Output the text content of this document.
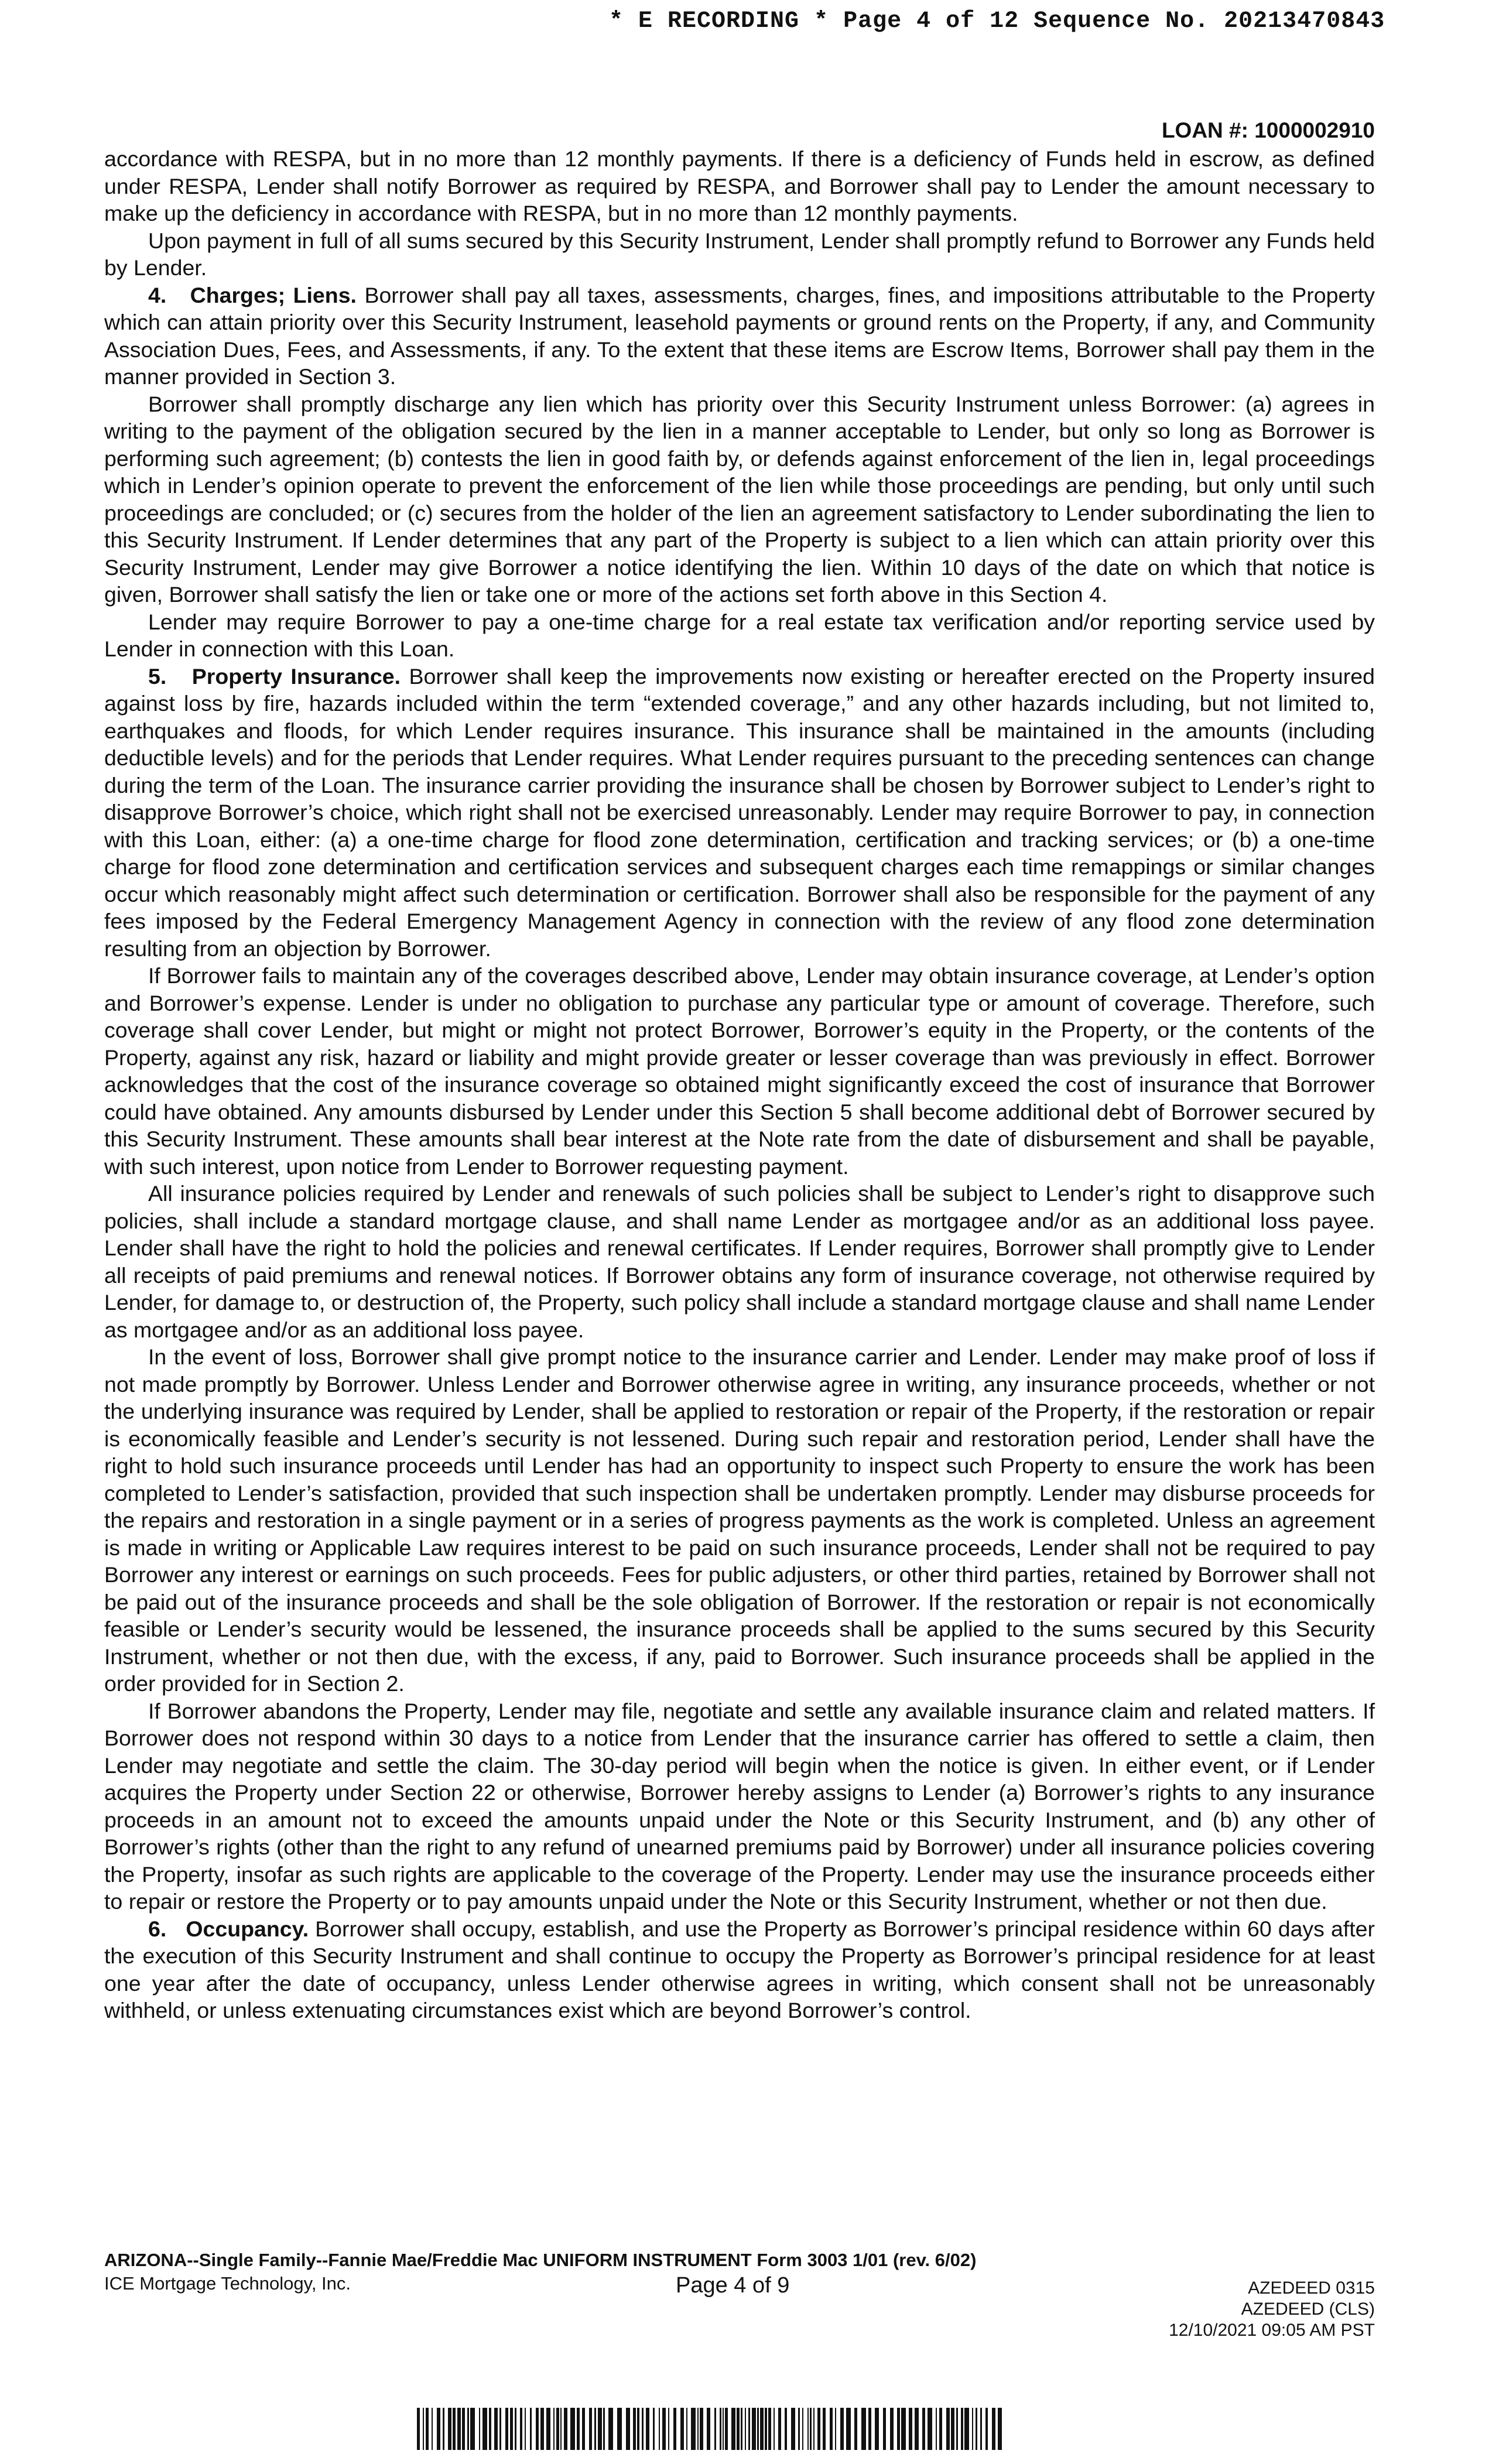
* E RECORDING * Page 4 of 12 Sequence No. 20213470843
LOAN #: 1000002910

accordance with RESPA, but in no more than 12 monthly payments. If there is a deficiency of Funds held in escrow, as defined under RESPA, Lender shall notify Borrower as required by RESPA, and Borrower shall pay to Lender the amount necessary to make up the deficiency in accordance with RESPA, but in no more than 12 monthly payments.

Upon payment in full of all sums secured by this Security Instrument, Lender shall promptly refund to Borrower any Funds held by Lender.

4. Charges; Liens. Borrower shall pay all taxes, assessments, charges, fines, and impositions attributable to the Property which can attain priority over this Security Instrument, leasehold payments or ground rents on the Property, if any, and Community Association Dues, Fees, and Assessments, if any. To the extent that these items are Escrow Items, Borrower shall pay them in the manner provided in Section 3.

Borrower shall promptly discharge any lien which has priority over this Security Instrument unless Borrower: (a) agrees in writing to the payment of the obligation secured by the lien in a manner acceptable to Lender, but only so long as Borrower is performing such agreement; (b) contests the lien in good faith by, or defends against enforcement of the lien in, legal proceedings which in Lender’s opinion operate to prevent the enforcement of the lien while those proceedings are pending, but only until such proceedings are concluded; or (c) secures from the holder of the lien an agreement satisfactory to Lender subordinating the lien to this Security Instrument. If Lender determines that any part of the Property is subject to a lien which can attain priority over this Security Instrument, Lender may give Borrower a notice identifying the lien. Within 10 days of the date on which that notice is given, Borrower shall satisfy the lien or take one or more of the actions set forth above in this Section 4.

Lender may require Borrower to pay a one-time charge for a real estate tax verification and/or reporting service used by Lender in connection with this Loan.

5. Property Insurance. Borrower shall keep the improvements now existing or hereafter erected on the Property insured against loss by fire, hazards included within the term “extended coverage,” and any other hazards including, but not limited to, earthquakes and floods, for which Lender requires insurance. This insurance shall be maintained in the amounts (including deductible levels) and for the periods that Lender requires. What Lender requires pursuant to the preceding sentences can change during the term of the Loan. The insurance carrier providing the insurance shall be chosen by Borrower subject to Lender’s right to disapprove Borrower’s choice, which right shall not be exercised unreasonably. Lender may require Borrower to pay, in connection with this Loan, either: (a) a one-time charge for flood zone determination, certification and tracking services; or (b) a one-time charge for flood zone determination and certification services and subsequent charges each time remappings or similar changes occur which reasonably might affect such determination or certification. Borrower shall also be responsible for the payment of any fees imposed by the Federal Emergency Management Agency in connection with the review of any flood zone determination resulting from an objection by Borrower.

If Borrower fails to maintain any of the coverages described above, Lender may obtain insurance coverage, at Lender’s option and Borrower’s expense. Lender is under no obligation to purchase any particular type or amount of coverage. Therefore, such coverage shall cover Lender, but might or might not protect Borrower, Borrower’s equity in the Property, or the contents of the Property, against any risk, hazard or liability and might provide greater or lesser coverage than was previously in effect. Borrower acknowledges that the cost of the insurance coverage so obtained might significantly exceed the cost of insurance that Borrower could have obtained. Any amounts disbursed by Lender under this Section 5 shall become additional debt of Borrower secured by this Security Instrument. These amounts shall bear interest at the Note rate from the date of disbursement and shall be payable, with such interest, upon notice from Lender to Borrower requesting payment.

All insurance policies required by Lender and renewals of such policies shall be subject to Lender’s right to disapprove such policies, shall include a standard mortgage clause, and shall name Lender as mortgagee and/or as an additional loss payee. Lender shall have the right to hold the policies and renewal certificates. If Lender requires, Borrower shall promptly give to Lender all receipts of paid premiums and renewal notices. If Borrower obtains any form of insurance coverage, not otherwise required by Lender, for damage to, or destruction of, the Property, such policy shall include a standard mortgage clause and shall name Lender as mortgagee and/or as an additional loss payee.

In the event of loss, Borrower shall give prompt notice to the insurance carrier and Lender. Lender may make proof of loss if not made promptly by Borrower. Unless Lender and Borrower otherwise agree in writing, any insurance proceeds, whether or not the underlying insurance was required by Lender, shall be applied to restoration or repair of the Property, if the restoration or repair is economically feasible and Lender’s security is not lessened. During such repair and restoration period, Lender shall have the right to hold such insurance proceeds until Lender has had an opportunity to inspect such Property to ensure the work has been completed to Lender’s satisfaction, provided that such inspection shall be undertaken promptly. Lender may disburse proceeds for the repairs and restoration in a single payment or in a series of progress payments as the work is completed. Unless an agreement is made in writing or Applicable Law requires interest to be paid on such insurance proceeds, Lender shall not be required to pay Borrower any interest or earnings on such proceeds. Fees for public adjusters, or other third parties, retained by Borrower shall not be paid out of the insurance proceeds and shall be the sole obligation of Borrower. If the restoration or repair is not economically feasible or Lender’s security would be lessened, the insurance proceeds shall be applied to the sums secured by this Security Instrument, whether or not then due, with the excess, if any, paid to Borrower. Such insurance proceeds shall be applied in the order provided for in Section 2.

If Borrower abandons the Property, Lender may file, negotiate and settle any available insurance claim and related matters. If Borrower does not respond within 30 days to a notice from Lender that the insurance carrier has offered to settle a claim, then Lender may negotiate and settle the claim. The 30-day period will begin when the notice is given. In either event, or if Lender acquires the Property under Section 22 or otherwise, Borrower hereby assigns to Lender (a) Borrower’s rights to any insurance proceeds in an amount not to exceed the amounts unpaid under the Note or this Security Instrument, and (b) any other of Borrower’s rights (other than the right to any refund of unearned premiums paid by Borrower) under all insurance policies covering the Property, insofar as such rights are applicable to the coverage of the Property. Lender may use the insurance proceeds either to repair or restore the Property or to pay amounts unpaid under the Note or this Security Instrument, whether or not then due.

6. Occupancy. Borrower shall occupy, establish, and use the Property as Borrower’s principal residence within 60 days after the execution of this Security Instrument and shall continue to occupy the Property as Borrower’s principal residence for at least one year after the date of occupancy, unless Lender otherwise agrees in writing, which consent shall not be unreasonably withheld, or unless extenuating circumstances exist which are beyond Borrower’s control.

ARIZONA--Single Family--Fannie Mae/Freddie Mac UNIFORM INSTRUMENT Form 3003 1/01 (rev. 6/02)
ICE Mortgage Technology, Inc.	Page 4 of 9	AZEDEED 0315
AZEDEED (CLS)
12/10/2021 09:05 AM PST
